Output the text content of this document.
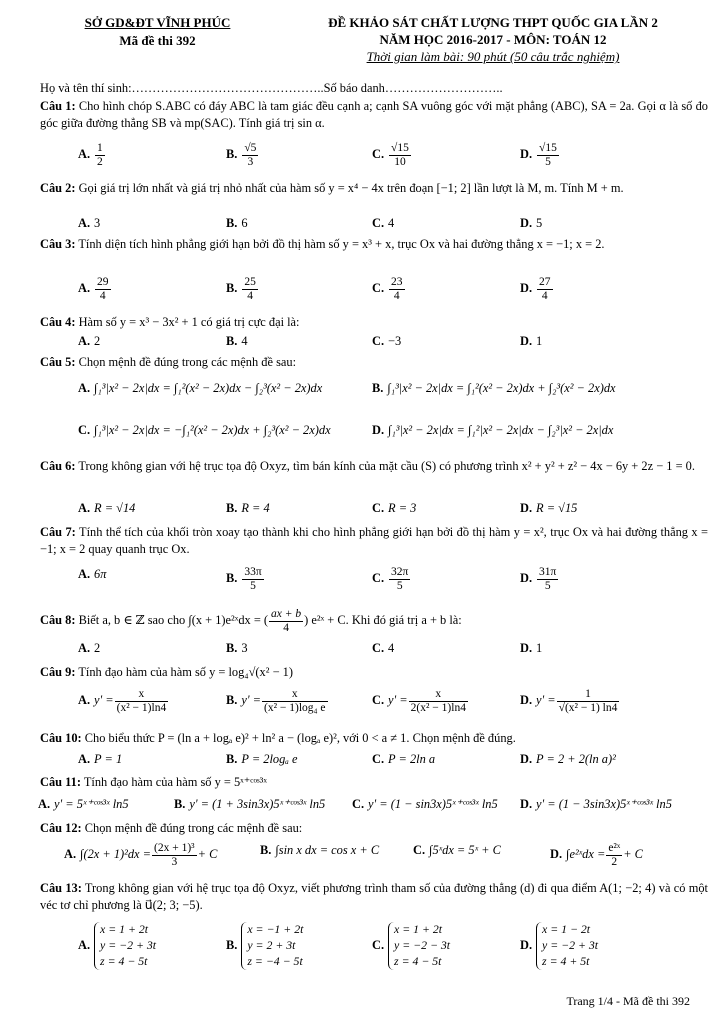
SỞ GD&ĐT VĨNH PHÚC
Mã đề thi 392
ĐỀ KHẢO SÁT CHẤT LƯỢNG THPT QUỐC GIA LẦN 2
NĂM HỌC 2016-2017 - MÔN: TOÁN 12
Thời gian làm bài: 90 phút (50 câu trắc nghiệm)
Họ và tên thí sinh:………………………………………..Số báo danh………………………..
Câu 1: Cho hình chóp S.ABC có đáy ABC là tam giác đều cạnh a; cạnh SA vuông góc với mặt phẳng (ABC), SA = 2a. Gọi α là số đo góc giữa đường thẳng SB và mp(SAC). Tính giá trị sin α.
A. $\frac{1}{2}$	B. $\frac{√5}{3}$	C. $\frac{√15}{10}$	D. $\frac{√15}{5}$
Câu 2: Gọi giá trị lớn nhất và giá trị nhỏ nhất của hàm số y = x⁴ − 4x trên đoạn [−1; 2] lần lượt là M, m. Tính M + m.
A. 3	B. 6	C. 4	D. 5
Câu 3: Tính diện tích hình phẳng giới hạn bởi đồ thị hàm số y = x³ + x, trục Ox và hai đường thẳng x = −1; x = 2.
A. $\frac{29}{4}$	B. $\frac{25}{4}$	C. $\frac{23}{4}$	D. $\frac{27}{4}$
Câu 4: Hàm số y = x³ − 3x² + 1 có giá trị cực đại là:
A. 2	B. 4	C. −3	D. 1
Câu 5: Chọn mệnh đề đúng trong các mệnh đề sau:
A. ∫₁³|x² − 2x|dx = ∫₁²(x² − 2x)dx − ∫₂³(x² − 2x)dx	B. ∫₁³|x² − 2x|dx = ∫₁²(x² − 2x)dx + ∫₂³(x² − 2x)dx
C. ∫₁³|x² − 2x|dx = −∫₁²(x² − 2x)dx + ∫₂³(x² − 2x)dx	D. ∫₁³|x² − 2x|dx = ∫₁²|x² − 2x|dx − ∫₂³|x² − 2x|dx
Câu 6: Trong không gian với hệ trục tọa độ Oxyz, tìm bán kính của mặt cầu (S) có phương trình x² + y² + z² − 4x − 6y + 2z − 1 = 0.
A. R = √14	B. R = 4	C. R = 3	D. R = √15
Câu 7: Tính thể tích của khối tròn xoay tạo thành khi cho hình phẳng giới hạn bởi đồ thị hàm y = x², trục Ox và hai đường thẳng x = −1; x = 2 quay quanh trục Ox.
A. 6π	B. $\frac{33\pi}{5}$	C. $\frac{32\pi}{5}$	D. $\frac{31\pi}{5}$
Câu 8: Biết a, b ∈ ℤ sao cho ∫(x + 1)e²ˣdx = ( $\frac{ax + b}{4}$ ) e²ˣ + C. Khi đó giá trị a + b là:
A. 2	B. 3	C. 4	D. 1
Câu 9: Tính đạo hàm của hàm số y = log₄√(x² − 1)
A. $y' = \frac{x}{\text{(x² − 1)ln4}}$	B. $y' = \frac{x}{\text{(x² − 1)log₄ e}}$	C. $y' = \frac{x}{\text{2(x² − 1)ln4}}$	D. $y' = \frac{1}{\text{√(x² − 1) ln4}}$
Câu 10: Cho biểu thức P = (ln a + logₐ e)² + ln² a − (logₐ e)², với 0 < a ≠ 1. Chọn mệnh đề đúng.
A. P = 1	B. P = 2logₐ e	C. P = 2ln a	D. P = 2 + 2(ln a)²
Câu 11: Tính đạo hàm của hàm số y = 5ˣ⁺ᶜᵒˢ³ˣ
A. y' = 5ˣ⁺ᶜᵒˢ³ˣ ln5	B. y' = (1 + 3sin3x)5ˣ⁺ᶜᵒˢ³ˣ ln5 C. y' = (1 − sin3x)5ˣ⁺ᶜᵒˢ³ˣ ln5 D. y' = (1 − 3sin3x)5ˣ⁺ᶜᵒˢ³ˣ ln5
Câu 12: Chọn mệnh đề đúng trong các mệnh đề sau:
A. $\int(2x + 1)^2dx = \frac{\text{(2x + 1)³}}{3} + C$	B. ∫sin x dx = cos x + C	C. ∫5ˣdx = 5ˣ + C	D. ∫e²ˣdx = $\frac{\text{e²ˣ}}{2} + C$
Câu 13: Trong không gian với hệ trục tọa độ Oxyz, viết phương trình tham số của đường thẳng (d) đi qua điểm A(1; −2; 4) và có một véc tơ chỉ phương là u⃗(2; 3; −5).
A.x = 1 + 2t
y = −2 + 3t
z = 4 − 5t
B.x = −1 + 2t
y = 2 + 3t
z = −4 − 5t
C.x = 1 + 2t
y = −2 − 3t
z = 4 − 5t
D.x = 1 − 2t
y = −2 + 3t
z = 4 + 5t
Trang 1/4 - Mã đề thi 392
